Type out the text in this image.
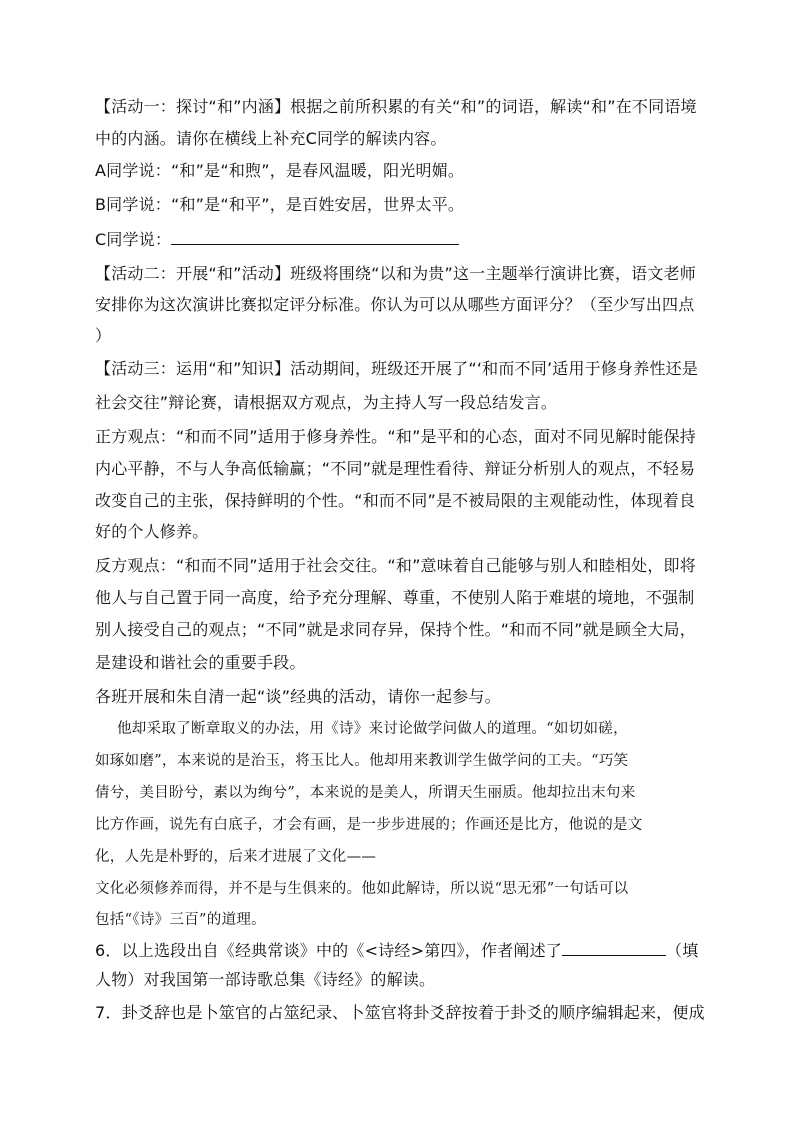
【活动一：探讨“和”内涵】根据之前所积累的有关“和”的词语，解读“和”在不同语境
中的内涵。请你在横线上补充C同学的解读内容。
A同学说：“和”是“和煦”，是春风温暖，阳光明媚。
B同学说：“和”是“和平”，是百姓安居，世界太平。
C同学说：
【活动二：开展“和”活动】班级将围绕“以和为贵”这一主题举行演讲比赛，语文老师
安排你为这次演讲比赛拟定评分标准。你认为可以从哪些方面评分？（至少写出四点
）
【活动三：运用“和”知识】活动期间，班级还开展了“‘和而不同’适用于修身养性还是
社会交往”辩论赛，请根据双方观点，为主持人写一段总结发言。
正方观点：“和而不同”适用于修身养性。“和”是平和的心态，面对不同见解时能保持
内心平静，不与人争高低输赢；“不同”就是理性看待、辩证分析别人的观点，不轻易
改变自己的主张，保持鲜明的个性。“和而不同”是不被局限的主观能动性，体现着良
好的个人修养。
反方观点：“和而不同”适用于社会交往。“和”意味着自己能够与别人和睦相处，即将
他人与自己置于同一高度，给予充分理解、尊重，不使别人陷于难堪的境地，不强制
别人接受自己的观点；“不同”就是求同存异，保持个性。“和而不同”就是顾全大局，
是建设和谐社会的重要手段。
各班开展和朱自清一起“谈”经典的活动，请你一起参与。
他却采取了断章取义的办法，用《诗》来讨论做学问做人的道理。“如切如磋，
如琢如磨”，本来说的是治玉，将玉比人。他却用来教训学生做学问的工夫。“巧笑
倩兮，美目盼兮，素以为绚兮”，本来说的是美人，所谓天生丽质。他却拉出末句来
比方作画，说先有白底子，才会有画，是一步步进展的；作画还是比方，他说的是文
化，人先是朴野的，后来才进展了文化——
文化必须修养而得，并不是与生俱来的。他如此解诗，所以说“思无邪”一句话可以
包括“《诗》三百”的道理。
6．以上选段出自《经典常谈》中的《<诗经>第四》，作者阐述了	（填
人物）对我国第一部诗歌总集《诗经》的解读。
7．卦爻辞也是卜筮官的占筮纪录、卜筮官将卦爻辞按着于卦爻的顺序编辑起来，便成
